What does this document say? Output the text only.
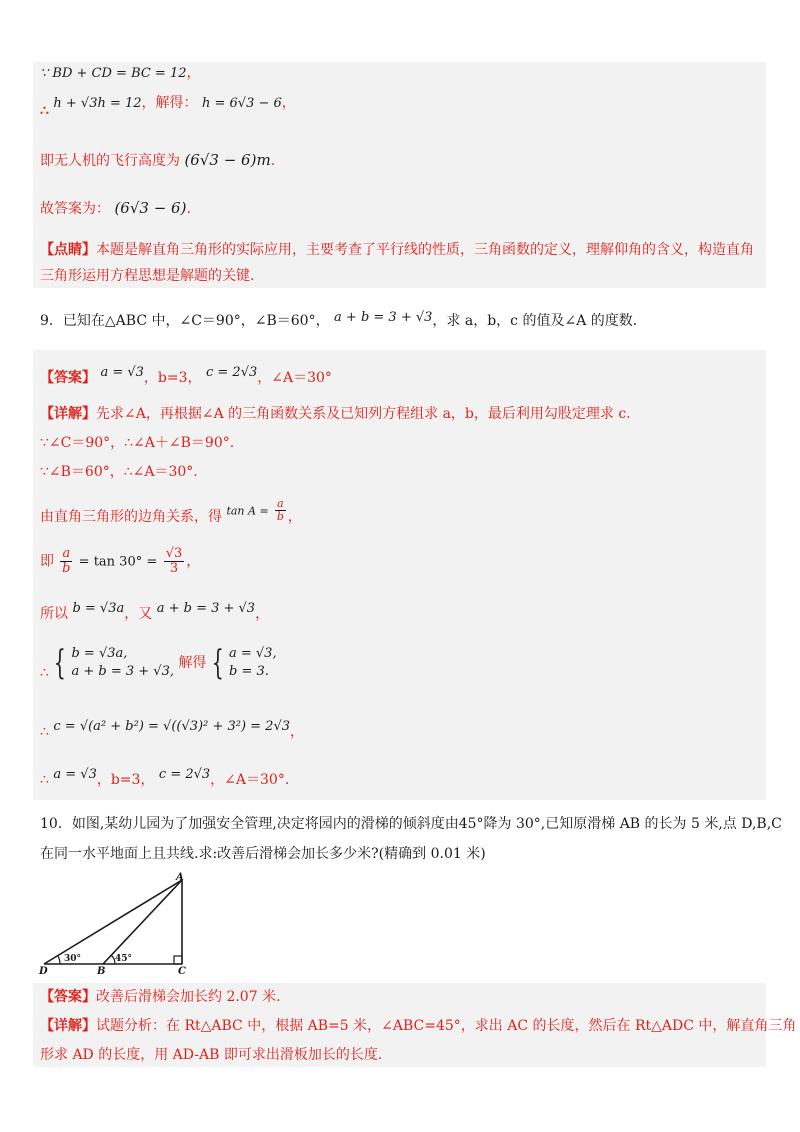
∵ BD + CD = BC = 12，
∴ h + √3h = 12，解得： h = 6√3 − 6，
即无人机的飞行高度为 (6√3 − 6)m.
故答案为： (6√3 − 6).
【点睛】本题是解直角三角形的实际应用，主要考查了平行线的性质，三角函数的定义，理解仰角的含义，构造直角
三角形运用方程思想是解题的关键.
9．已知在△ABC 中，∠C＝90°，∠B＝60°， a + b = 3 + √3，求 a，b，c 的值及∠A 的度数.
【答案】 a = √3，b=3， c = 2√3，∠A＝30°
【详解】先求∠A，再根据∠A 的三角函数关系及已知列方程组求 a，b，最后利用勾股定理求 c.
∵∠C＝90°，∴∠A＋∠B＝90°.
∵∠B＝60°，∴∠A＝30°.
由直角三角形的边角关系，得 $\tan A = \frac{a}{b}$ ，
即 $\frac{a}{b} = \tan 30^\circ = \frac{√3}{3}$ ，
所以 b = √3a，又 a + b = 3 + √3，
∴ { b = √3a,
a + b = 3 + √3, 解得 { a = √3,
b = 3.
∴ c = √(a² + b²) = √((√3)² + 3²) = 2√3，
∴ a = √3，b=3， c = 2√3，∠A＝30°.
10．如图,某幼儿园为了加强安全管理,决定将园内的滑梯的倾斜度由45°降为 30°,已知原滑梯 AB 的长为 5 米,点 D,B,C
在同一水平地面上且共线.求:改善后滑梯会加长多少米?(精确到 0.01 米)
A
D	B	C
30°	45°
【答案】改善后滑梯会加长约 2.07 米.
【详解】试题分析：在 Rt△ABC 中，根据 AB=5 米，∠ABC=45°，求出 AC 的长度，然后在 Rt△ADC 中，解直角三角
形求 AD 的长度，用 AD-AB 即可求出滑板加长的长度.
